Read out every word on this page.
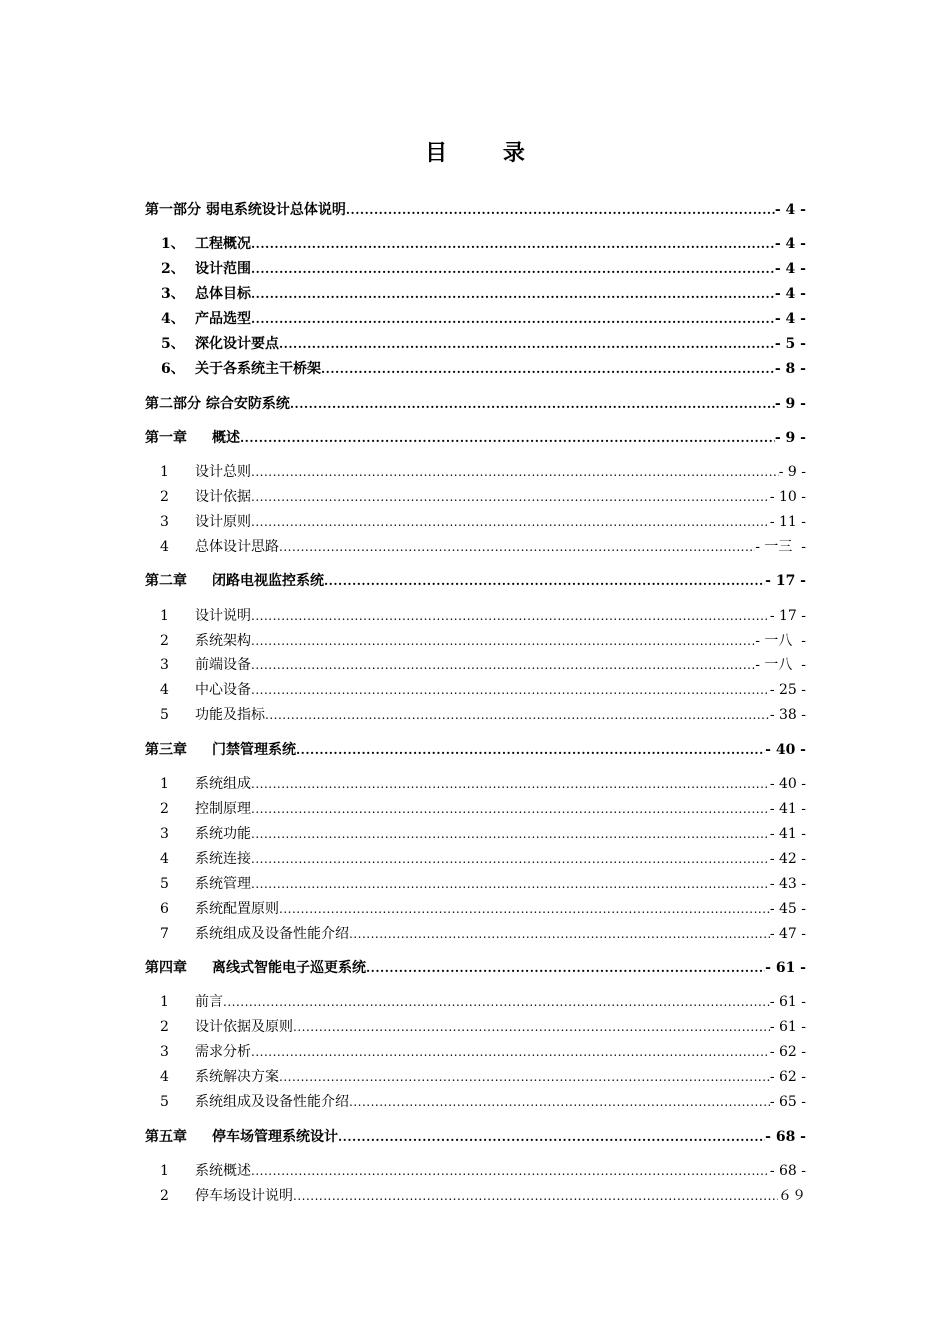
目 录
第一部分 弱电系统设计总体说明 .....	- 4 -
1、 工程概况 .....	- 4 -
2、 设计范围 .....	- 4 -
3、 总体目标 .....	- 4 -
4、 产品选型 .....	- 4 -
5、 深化设计要点 .....	- 5 -
6、 关于各系统主干桥架 .....	- 8 -
第二部分 综合安防系统 .....	- 9 -
第一章	概述 .....	- 9 -
1	设计总则 .....	- 9 -
2	设计依据 .....	- 10 -
3	设计原则 .....	- 11 -
4	总体设计思路 .....	- 一三  -
第二章	闭路电视监控系统 .....	- 17 -
1	设计说明 .....	- 17 -
2	系统架构 .....	- 一八  -
3	前端设备 .....	- 一八  -
4	中心设备 .....	- 25 -
5	功能及指标 .....	- 38 -
第三章	门禁管理系统 .....	- 40 -
1	系统组成 .....	- 40 -
2	控制原理 .....	- 41 -
3	系统功能 .....	- 41 -
4	系统连接 .....	- 42 -
5	系统管理 .....	- 43 -
6	系统配置原则 .....	- 45 -
7	系统组成及设备性能介绍 .....	- 47 -
第四章	离线式智能电子巡更系统 .....	- 61 -
1	前言 .....	- 61 -
2	设计依据及原则 .....	- 61 -
3	需求分析 .....	- 62 -
4	系统解决方案 .....	- 62 -
5	系统组成及设备性能介绍 .....	- 65 -
第五章	停车场管理系统设计 .....	- 68 -
1	系统概述 .....	- 68 -
2	停车场设计说明 .....	６９
